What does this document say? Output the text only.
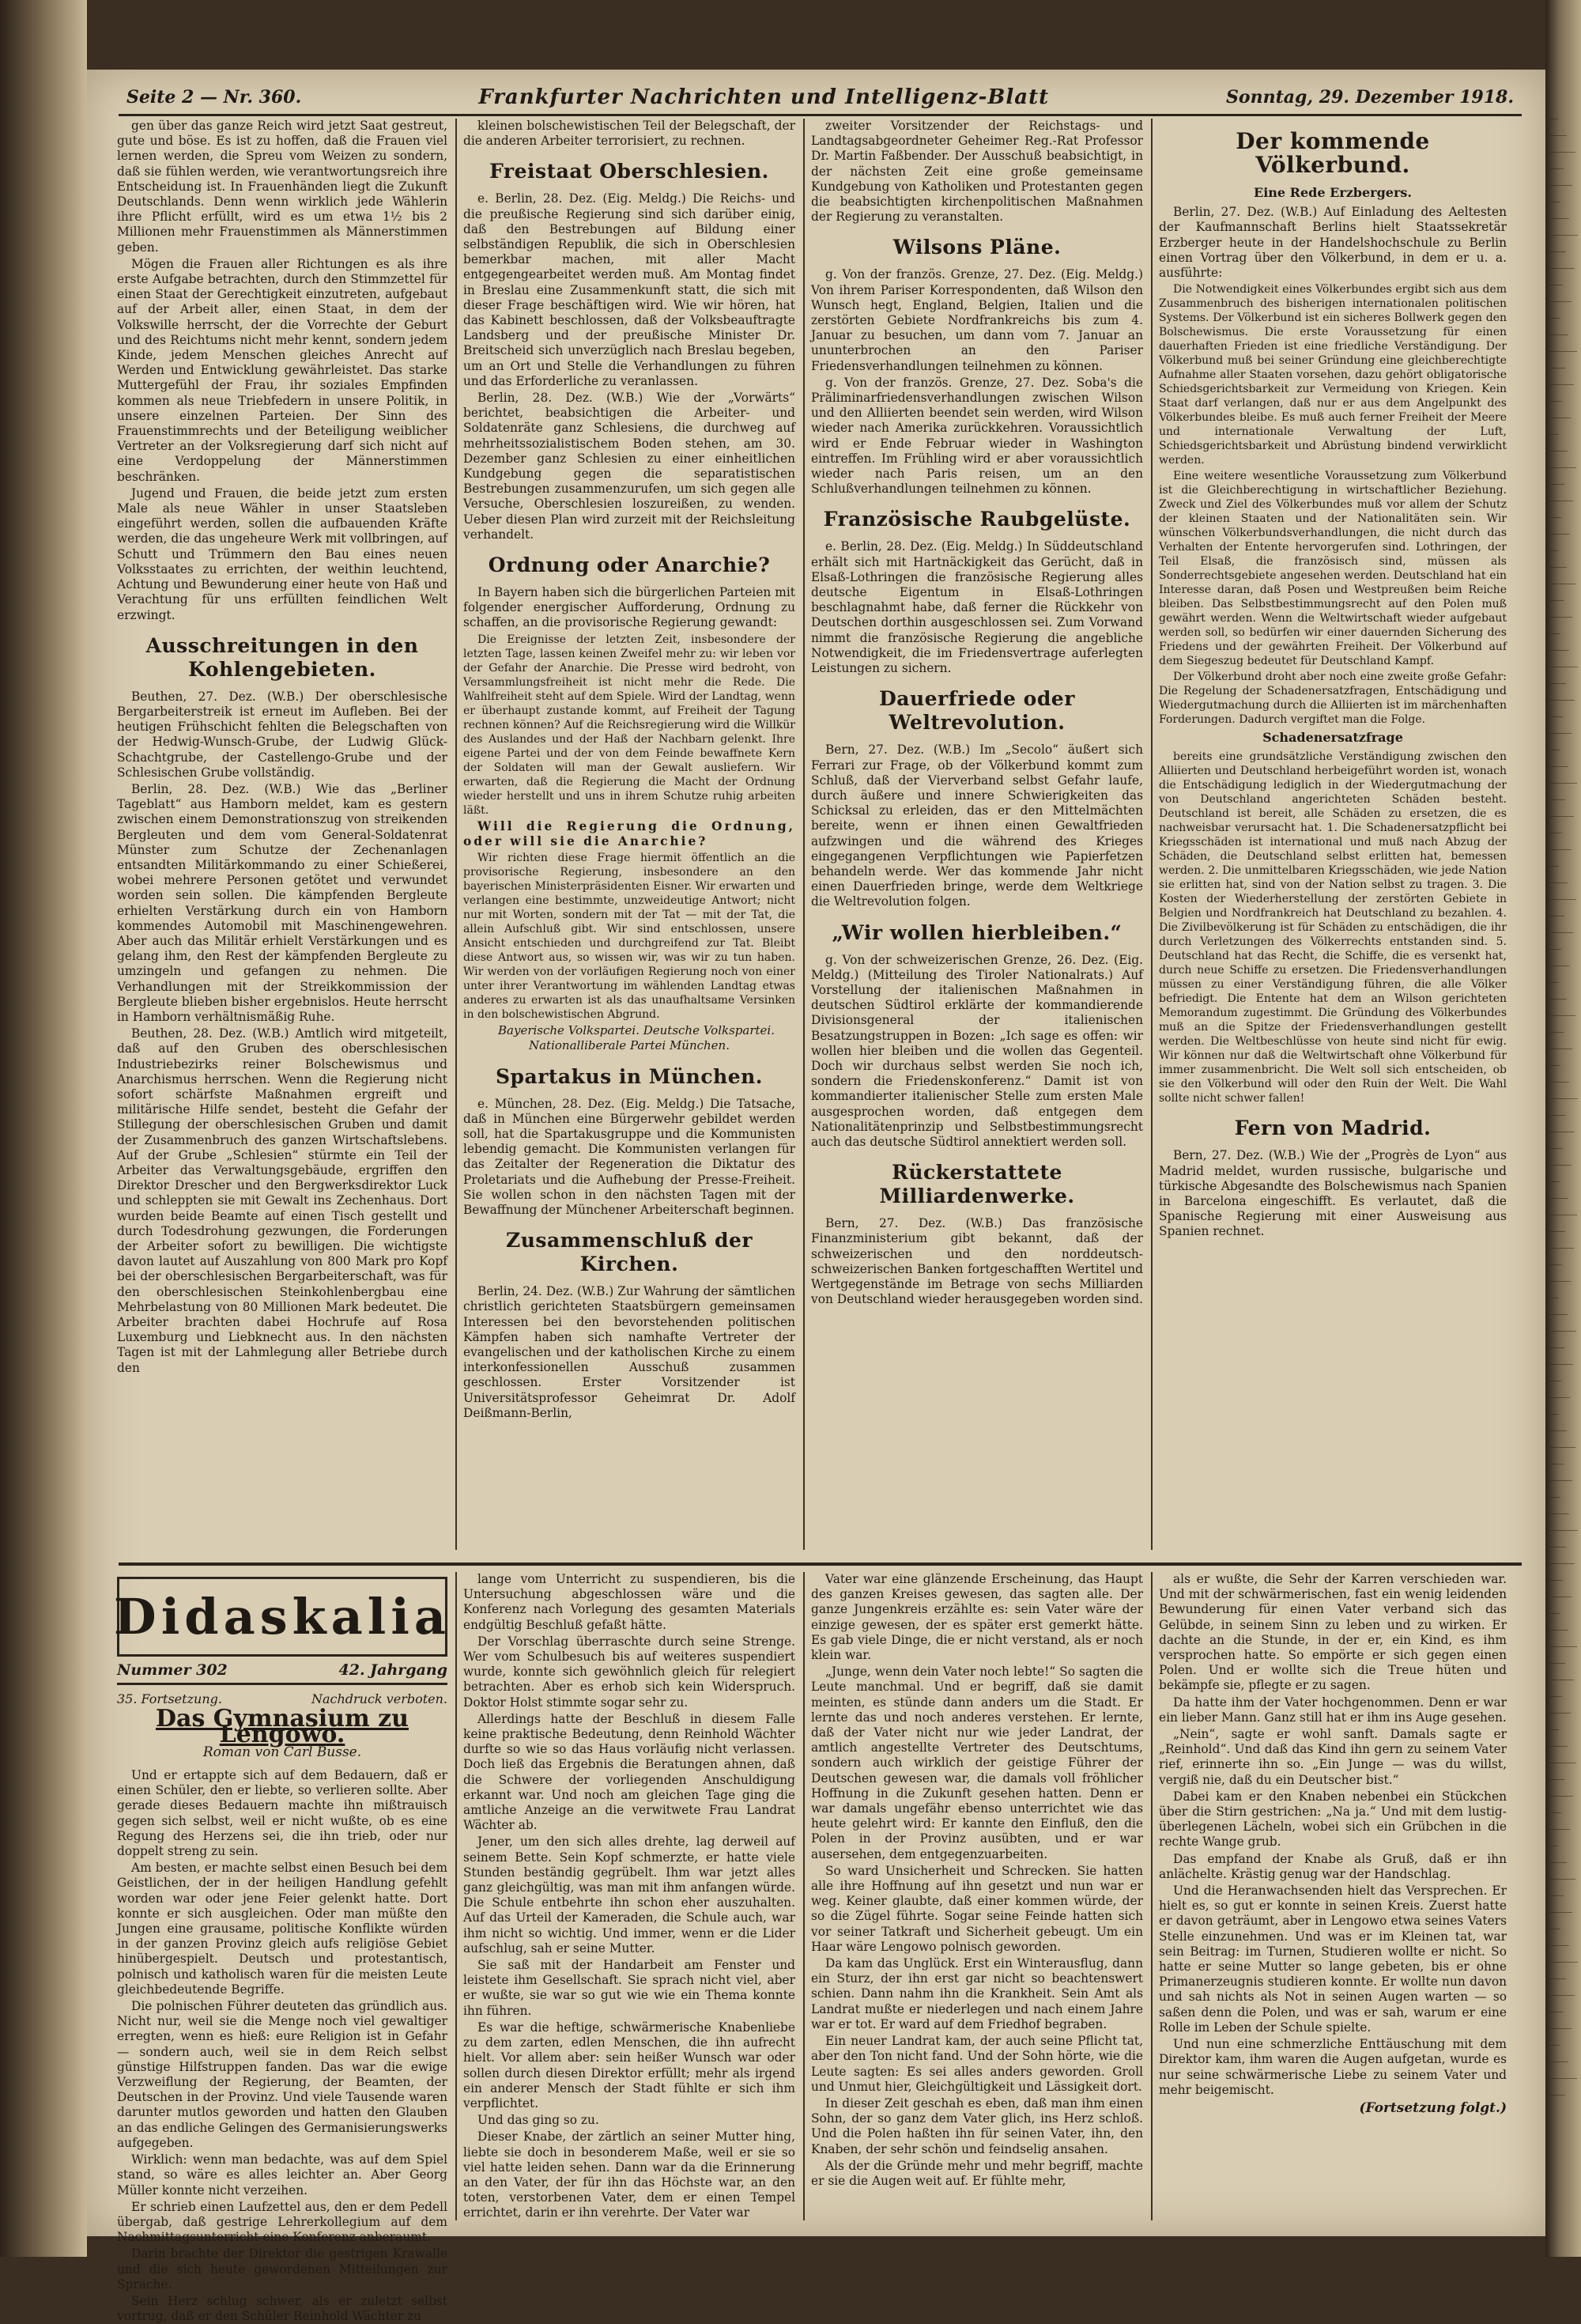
Seite 2 — Nr. 360.	Frankfurter Nachrichten und Intelligenz-Blatt	Sonntag, 29. Dezember 1918.

gen über das ganze Reich wird jetzt Saat gestreut, gute und böse. Es ist zu hoffen, daß die Frauen viel lernen werden, die Spreu vom Weizen zu sondern, daß sie fühlen werden, wie verantwortungsreich ihre Entscheidung ist. In Frauenhänden liegt die Zukunft Deutschlands. Denn wenn wirklich jede Wählerin ihre Pflicht erfüllt, wird es um etwa 1½ bis 2 Millionen mehr Frauenstimmen als Männerstimmen geben.

Mögen die Frauen aller Richtungen es als ihre erste Aufgabe betrachten, durch den Stimmzettel für einen Staat der Gerechtigkeit einzutreten, aufgebaut auf der Arbeit aller, einen Staat, in dem der Volkswille herrscht, der die Vorrechte der Geburt und des Reichtums nicht mehr kennt, sondern jedem Kinde, jedem Menschen gleiches Anrecht auf Werden und Entwicklung gewährleistet. Das starke Muttergefühl der Frau, ihr soziales Empfinden kommen als neue Triebfedern in unsere Politik, in unsere einzelnen Parteien. Der Sinn des Frauenstimmrechts und der Beteiligung weiblicher Vertreter an der Volksregierung darf sich nicht auf eine Verdoppelung der Männerstimmen beschränken.

Jugend und Frauen, die beide jetzt zum ersten Male als neue Wähler in unser Staatsleben eingeführt werden, sollen die aufbauenden Kräfte werden, die das ungeheure Werk mit vollbringen, auf Schutt und Trümmern den Bau eines neuen Volksstaates zu errichten, der weithin leuchtend, Achtung und Bewunderung einer heute von Haß und Verachtung für uns erfüllten feindlichen Welt erzwingt.

Ausschreitungen in den Kohlengebieten.

Beuthen, 27. Dez. (W.B.) Der oberschlesische Bergarbeiterstreik ist erneut im Aufleben. Bei der heutigen Frühschicht fehlten die Belegschaften von der Hedwig-Wunsch-Grube, der Ludwig Glück-Schachtgrube, der Castellengo-Grube und der Schlesischen Grube vollständig.

Berlin, 28. Dez. (W.B.) Wie das „Berliner Tageblatt“ aus Hamborn meldet, kam es gestern zwischen einem Demonstrationszug von streikenden Bergleuten und dem vom General-Soldatenrat Münster zum Schutze der Zechenanlagen entsandten Militärkommando zu einer Schießerei, wobei mehrere Personen getötet und verwundet worden sein sollen. Die kämpfenden Bergleute erhielten Verstärkung durch ein von Hamborn kommendes Automobil mit Maschinengewehren. Aber auch das Militär erhielt Verstärkungen und es gelang ihm, den Rest der kämpfenden Bergleute zu umzingeln und gefangen zu nehmen. Die Verhandlungen mit der Streikkommission der Bergleute blieben bisher ergebnislos. Heute herrscht in Hamborn verhältnismäßig Ruhe.

Beuthen, 28. Dez. (W.B.) Amtlich wird mitgeteilt, daß auf den Gruben des oberschlesischen Industriebezirks reiner Bolschewismus und Anarchismus herrschen. Wenn die Regierung nicht sofort schärfste Maßnahmen ergreift und militärische Hilfe sendet, besteht die Gefahr der Stillegung der oberschlesischen Gruben und damit der Zusammenbruch des ganzen Wirtschaftslebens. Auf der Grube „Schlesien“ stürmte ein Teil der Arbeiter das Verwaltungsgebäude, ergriffen den Direktor Drescher und den Bergwerksdirektor Luck und schleppten sie mit Gewalt ins Zechenhaus. Dort wurden beide Beamte auf einen Tisch gestellt und durch Todesdrohung gezwungen, die Forderungen der Arbeiter sofort zu bewilligen. Die wichtigste davon lautet auf Auszahlung von 800 Mark pro Kopf bei der oberschlesischen Bergarbeiterschaft, was für den oberschlesischen Steinkohlenbergbau eine Mehrbelastung von 80 Millionen Mark bedeutet. Die Arbeiter brachten dabei Hochrufe auf Rosa Luxemburg und Liebknecht aus. In den nächsten Tagen ist mit der Lahmlegung aller Betriebe durch den

kleinen bolschewistischen Teil der Belegschaft, der die anderen Arbeiter terrorisiert, zu rechnen.

Freistaat Oberschlesien.

e. Berlin, 28. Dez. (Eig. Meldg.) Die Reichs- und die preußische Regierung sind sich darüber einig, daß den Bestrebungen auf Bildung einer selbständigen Republik, die sich in Oberschlesien bemerkbar machen, mit aller Macht entgegengearbeitet werden muß. Am Montag findet in Breslau eine Zusammenkunft statt, die sich mit dieser Frage beschäftigen wird. Wie wir hören, hat das Kabinett beschlossen, daß der Volksbeauftragte Landsberg und der preußische Minister Dr. Breitscheid sich unverzüglich nach Breslau begeben, um an Ort und Stelle die Verhandlungen zu führen und das Erforderliche zu veranlassen.

Berlin, 28. Dez. (W.B.) Wie der „Vorwärts“ berichtet, beabsichtigen die Arbeiter- und Soldatenräte ganz Schlesiens, die durchweg auf mehrheitssozialistischem Boden stehen, am 30. Dezember ganz Schlesien zu einer einheitlichen Kundgebung gegen die separatistischen Bestrebungen zusammenzurufen, um sich gegen alle Versuche, Oberschlesien loszureißen, zu wenden. Ueber diesen Plan wird zurzeit mit der Reichsleitung verhandelt.

Ordnung oder Anarchie?

In Bayern haben sich die bürgerlichen Parteien mit folgender energischer Aufforderung, Ordnung zu schaffen, an die provisorische Regierung gewandt:

Die Ereignisse der letzten Zeit, insbesondere der letzten Tage, lassen keinen Zweifel mehr zu: wir leben vor der Gefahr der Anarchie. Die Presse wird bedroht, von Versammlungsfreiheit ist nicht mehr die Rede. Die Wahlfreiheit steht auf dem Spiele. Wird der Landtag, wenn er überhaupt zustande kommt, auf Freiheit der Tagung rechnen können? Auf die Reichsregierung wird die Willkür des Auslandes und der Haß der Nachbarn gelenkt. Ihre eigene Partei und der von dem Feinde bewaffnete Kern der Soldaten will man der Gewalt ausliefern. Wir erwarten, daß die Regierung die Macht der Ordnung wieder herstellt und uns in ihrem Schutze ruhig arbeiten läßt.

Will die Regierung die Ordnung, oder will sie die Anarchie?

Wir richten diese Frage hiermit öffentlich an die provisorische Regierung, insbesondere an den bayerischen Ministerpräsidenten Eisner. Wir erwarten und verlangen eine bestimmte, unzweideutige Antwort; nicht nur mit Worten, sondern mit der Tat — mit der Tat, die allein Aufschluß gibt. Wir sind entschlossen, unsere Ansicht entschieden und durchgreifend zur Tat. Bleibt diese Antwort aus, so wissen wir, was wir zu tun haben. Wir werden von der vorläufigen Regierung noch von einer unter ihrer Verantwortung im wählenden Landtag etwas anderes zu erwarten ist als das unaufhaltsame Versinken in den bolschewistischen Abgrund.

Bayerische Volkspartei. Deutsche Volkspartei. Nationalliberale Partei München.

Spartakus in München.

e. München, 28. Dez. (Eig. Meldg.) Die Tatsache, daß in München eine Bürgerwehr gebildet werden soll, hat die Spartakusgruppe und die Kommunisten lebendig gemacht. Die Kommunisten verlangen für das Zeitalter der Regeneration die Diktatur des Proletariats und die Aufhebung der Presse-Freiheit. Sie wollen schon in den nächsten Tagen mit der Bewaffnung der Münchener Arbeiterschaft beginnen.

Zusammenschluß der Kirchen.

Berlin, 24. Dez. (W.B.) Zur Wahrung der sämtlichen christlich gerichteten Staatsbürgern gemeinsamen Interessen bei den bevorstehenden politischen Kämpfen haben sich namhafte Vertreter der evangelischen und der katholischen Kirche zu einem interkonfessionellen Ausschuß zusammen geschlossen. Erster Vorsitzender ist Universitätsprofessor Geheimrat Dr. Adolf Deißmann-Berlin,

zweiter Vorsitzender der Reichstags- und Landtagsabgeordneter Geheimer Reg.-Rat Professor Dr. Martin Faßbender. Der Ausschuß beabsichtigt, in der nächsten Zeit eine große gemeinsame Kundgebung von Katholiken und Protestanten gegen die beabsichtigten kirchenpolitischen Maßnahmen der Regierung zu veranstalten.

Wilsons Pläne.

g. Von der französ. Grenze, 27. Dez. (Eig. Meldg.) Von ihrem Pariser Korrespondenten, daß Wilson den Wunsch hegt, England, Belgien, Italien und die zerstörten Gebiete Nordfrankreichs bis zum 4. Januar zu besuchen, um dann vom 7. Januar an ununterbrochen an den Pariser Friedensverhandlungen teilnehmen zu können.

g. Von der französ. Grenze, 27. Dez. Soba's die Präliminarfriedensverhandlungen zwischen Wilson und den Alliierten beendet sein werden, wird Wilson wieder nach Amerika zurückkehren. Voraussichtlich wird er Ende Februar wieder in Washington eintreffen. Im Frühling wird er aber voraussichtlich wieder nach Paris reisen, um an den Schlußverhandlungen teilnehmen zu können.

Französische Raubgelüste.

e. Berlin, 28. Dez. (Eig. Meldg.) In Süddeutschland erhält sich mit Hartnäckigkeit das Gerücht, daß in Elsaß-Lothringen die französische Regierung alles deutsche Eigentum in Elsaß-Lothringen beschlagnahmt habe, daß ferner die Rückkehr von Deutschen dorthin ausgeschlossen sei. Zum Vorwand nimmt die französische Regierung die angebliche Notwendigkeit, die im Friedensvertrage auferlegten Leistungen zu sichern.

Dauerfriede oder Weltrevolution.

Bern, 27. Dez. (W.B.) Im „Secolo“ äußert sich Ferrari zur Frage, ob der Völkerbund kommt zum Schluß, daß der Vierverband selbst Gefahr laufe, durch äußere und innere Schwierigkeiten das Schicksal zu erleiden, das er den Mittelmächten bereite, wenn er ihnen einen Gewaltfrieden aufzwingen und die während des Krieges eingegangenen Verpflichtungen wie Papierfetzen behandeln werde. Wer das kommende Jahr nicht einen Dauerfrieden bringe, werde dem Weltkriege die Weltrevolution folgen.

„Wir wollen hierbleiben.“

g. Von der schweizerischen Grenze, 26. Dez. (Eig. Meldg.) (Mitteilung des Tiroler Nationalrats.) Auf Vorstellung der italienischen Maßnahmen in deutschen Südtirol erklärte der kommandierende Divisionsgeneral der italienischen Besatzungstruppen in Bozen: „Ich sage es offen: wir wollen hier bleiben und die wollen das Gegenteil. Doch wir durchaus selbst werden Sie noch ich, sondern die Friedenskonferenz.“ Damit ist von kommandierter italienischer Stelle zum ersten Male ausgesprochen worden, daß entgegen dem Nationalitätenprinzip und Selbstbestimmungsrecht auch das deutsche Südtirol annektiert werden soll.

Rückerstattete Milliardenwerke.

Bern, 27. Dez. (W.B.) Das französische Finanzministerium gibt bekannt, daß der schweizerischen und den norddeutsch-schweizerischen Banken fortgeschafften Wertitel und Wertgegenstände im Betrage von sechs Milliarden von Deutschland wieder herausgegeben worden sind.

Der kommende Völkerbund.
Eine Rede Erzbergers.

Berlin, 27. Dez. (W.B.) Auf Einladung des Aeltesten der Kaufmannschaft Berlins hielt Staatssekretär Erzberger heute in der Handelshochschule zu Berlin einen Vortrag über den Völkerbund, in dem er u. a. ausführte:

Die Notwendigkeit eines Völkerbundes ergibt sich aus dem Zusammenbruch des bisherigen internationalen politischen Systems. Der Völkerbund ist ein sicheres Bollwerk gegen den Bolschewismus. Die erste Voraussetzung für einen dauerhaften Frieden ist eine friedliche Verständigung. Der Völkerbund muß bei seiner Gründung eine gleichberechtigte Aufnahme aller Staaten vorsehen, dazu gehört obligatorische Schiedsgerichtsbarkeit zur Vermeidung von Kriegen. Kein Staat darf verlangen, daß nur er aus dem Angelpunkt des Völkerbundes bleibe. Es muß auch ferner Freiheit der Meere und internationale Verwaltung der Luft, Schiedsgerichtsbarkeit und Abrüstung bindend verwirklicht werden.

Eine weitere wesentliche Voraussetzung zum Völkerbund ist die Gleichberechtigung in wirtschaftlicher Beziehung. Zweck und Ziel des Völkerbundes muß vor allem der Schutz der kleinen Staaten und der Nationalitäten sein. Wir wünschen Völkerbundsverhandlungen, die nicht durch das Verhalten der Entente hervorgerufen sind. Lothringen, der Teil Elsaß, die französisch sind, müssen als Sonderrechtsgebiete angesehen werden. Deutschland hat ein Interesse daran, daß Posen und Westpreußen beim Reiche bleiben. Das Selbstbestimmungsrecht auf den Polen muß gewährt werden. Wenn die Weltwirtschaft wieder aufgebaut werden soll, so bedürfen wir einer dauernden Sicherung des Friedens und der gewährten Freiheit. Der Völkerbund auf dem Siegeszug bedeutet für Deutschland Kampf.

Der Völkerbund droht aber noch eine zweite große Gefahr: Die Regelung der Schadenersatzfragen, Entschädigung und Wiedergutmachung durch die Alliierten ist im märchenhaften Forderungen. Dadurch vergiftet man die Folge.

Schadenersatzfrage

bereits eine grundsätzliche Verständigung zwischen den Alliierten und Deutschland herbeigeführt worden ist, wonach die Entschädigung lediglich in der Wiedergutmachung der von Deutschland angerichteten Schäden besteht. Deutschland ist bereit, alle Schäden zu ersetzen, die es nachweisbar verursacht hat. 1. Die Schadenersatzpflicht bei Kriegsschäden ist international und muß nach Abzug der Schäden, die Deutschland selbst erlitten hat, bemessen werden. 2. Die unmittelbaren Kriegsschäden, wie jede Nation sie erlitten hat, sind von der Nation selbst zu tragen. 3. Die Kosten der Wiederherstellung der zerstörten Gebiete in Belgien und Nordfrankreich hat Deutschland zu bezahlen. 4. Die Zivilbevölkerung ist für Schäden zu entschädigen, die ihr durch Verletzungen des Völkerrechts entstanden sind. 5. Deutschland hat das Recht, die Schiffe, die es versenkt hat, durch neue Schiffe zu ersetzen. Die Friedensverhandlungen müssen zu einer Verständigung führen, die alle Völker befriedigt. Die Entente hat dem an Wilson gerichteten Memorandum zugestimmt. Die Gründung des Völkerbundes muß an die Spitze der Friedensverhandlungen gestellt werden. Die Weltbeschlüsse von heute sind nicht für ewig. Wir können nur daß die Weltwirtschaft ohne Völkerbund für immer zusammenbricht. Die Welt soll sich entscheiden, ob sie den Völkerbund will oder den Ruin der Welt. Die Wahl sollte nicht schwer fallen!

Fern von Madrid.

Bern, 27. Dez. (W.B.) Wie der „Progrès de Lyon“ aus Madrid meldet, wurden russische, bulgarische und türkische Abgesandte des Bolschewismus nach Spanien in Barcelona eingeschifft. Es verlautet, daß die Spanische Regierung mit einer Ausweisung aus Spanien rechnet.

Didaskalia
Nummer 302	42. Jahrgang
35. Fortsetzung.	Nachdruck verboten.
Das Gymnasium zu Lengowo.
Roman von Carl Busse.

Und er ertappte sich auf dem Bedauern, daß er einen Schüler, den er liebte, so verlieren sollte. Aber gerade dieses Bedauern machte ihn mißtrauisch gegen sich selbst, weil er nicht wußte, ob es eine Regung des Herzens sei, die ihn trieb, oder nur doppelt streng zu sein.

Am besten, er machte selbst einen Besuch bei dem Geistlichen, der in der heiligen Handlung gefehlt worden war oder jene Feier gelenkt hatte. Dort konnte er sich ausgleichen. Oder man müßte den Jungen eine grausame, politische Konflikte würden in der ganzen Provinz gleich aufs religiöse Gebiet hinübergespielt. Deutsch und protestantisch, polnisch und katholisch waren für die meisten Leute gleichbedeutende Begriffe.

Die polnischen Führer deuteten das gründlich aus. Nicht nur, weil sie die Menge noch viel gewaltiger erregten, wenn es hieß: eure Religion ist in Gefahr — sondern auch, weil sie in dem Reich selbst günstige Hilfstruppen fanden. Das war die ewige Verzweiflung der Regierung, der Beamten, der Deutschen in der Provinz. Und viele Tausende waren darunter mutlos geworden und hatten den Glauben an das endliche Gelingen des Germanisierungswerks aufgegeben.

Wirklich: wenn man bedachte, was auf dem Spiel stand, so wäre es alles leichter an. Aber Georg Müller konnte nicht verzeihen.

Er schrieb einen Laufzettel aus, den er dem Pedell übergab, daß gestrige Lehrerkollegium auf dem Nachmittagsunterricht eine Konferenz anberaumt.

Darin brachte der Direktor die gestrigen Krawalle und die sich heute gewordenen Mitteilungen zur Sprache.

Sein Herz schlug schwer, als er zuletzt selbst vortrug, daß er den Schüler Reinhold Wächter zu

lange vom Unterricht zu suspendieren, bis die Untersuchung abgeschlossen wäre und die Konferenz nach Vorlegung des gesamten Materials endgültig Beschluß gefaßt hätte.

Der Vorschlag überraschte durch seine Strenge. Wer vom Schulbesuch bis auf weiteres suspendiert wurde, konnte sich gewöhnlich gleich für relegiert betrachten. Aber es erhob sich kein Widerspruch. Doktor Holst stimmte sogar sehr zu.

Allerdings hatte der Beschluß in diesem Falle keine praktische Bedeutung, denn Reinhold Wächter durfte so wie so das Haus vorläufig nicht verlassen. Doch ließ das Ergebnis die Beratungen ahnen, daß die Schwere der vorliegenden Anschuldigung erkannt war. Und noch am gleichen Tage ging die amtliche Anzeige an die verwitwete Frau Landrat Wächter ab.

Jener, um den sich alles drehte, lag derweil auf seinem Bette. Sein Kopf schmerzte, er hatte viele Stunden beständig gegrübelt. Ihm war jetzt alles ganz gleichgültig, was man mit ihm anfangen würde. Die Schule entbehrte ihn schon eher auszuhalten. Auf das Urteil der Kameraden, die Schule auch, war ihm nicht so wichtig. Und immer, wenn er die Lider aufschlug, sah er seine Mutter.

Sie saß mit der Handarbeit am Fenster und leistete ihm Gesellschaft. Sie sprach nicht viel, aber er wußte, sie war so gut wie wie ein Thema konnte ihn führen.

Es war die heftige, schwärmerische Knabenliebe zu dem zarten, edlen Menschen, die ihn aufrecht hielt. Vor allem aber: sein heißer Wunsch war oder sollen durch diesen Direktor erfüllt; mehr als irgend ein anderer Mensch der Stadt fühlte er sich ihm verpflichtet.

Und das ging so zu.

Dieser Knabe, der zärtlich an seiner Mutter hing, liebte sie doch in besonderem Maße, weil er sie so viel hatte leiden sehen. Dann war da die Erinnerung an den Vater, der für ihn das Höchste war, an den toten, verstorbenen Vater, dem er einen Tempel errichtet, darin er ihn verehrte. Der Vater war

Vater war eine glänzende Erscheinung, das Haupt des ganzen Kreises gewesen, das sagten alle. Der ganze Jungenkreis erzählte es: sein Vater wäre der einzige gewesen, der es später erst gemerkt hätte. Es gab viele Dinge, die er nicht verstand, als er noch klein war.

„Junge, wenn dein Vater noch lebte!“ So sagten die Leute manchmal. Und er begriff, daß sie damit meinten, es stünde dann anders um die Stadt. Er lernte das und noch anderes verstehen. Er lernte, daß der Vater nicht nur wie jeder Landrat, der amtlich angestellte Vertreter des Deutschtums, sondern auch wirklich der geistige Führer der Deutschen gewesen war, die damals voll fröhlicher Hoffnung in die Zukunft gesehen hatten. Denn er war damals ungefähr ebenso unterrichtet wie das heute gelehrt wird: Er kannte den Einfluß, den die Polen in der Provinz ausübten, und er war ausersehen, dem entgegenzuarbeiten.

So ward Unsicherheit und Schrecken. Sie hatten alle ihre Hoffnung auf ihn gesetzt und nun war er weg. Keiner glaubte, daß einer kommen würde, der so die Zügel führte. Sogar seine Feinde hatten sich vor seiner Tatkraft und Sicherheit gebeugt. Um ein Haar wäre Lengowo polnisch geworden.

Da kam das Unglück. Erst ein Winterausflug, dann ein Sturz, der ihn erst gar nicht so beachtenswert schien. Dann nahm ihn die Krankheit. Sein Amt als Landrat mußte er niederlegen und nach einem Jahre war er tot. Er ward auf dem Friedhof begraben.

Ein neuer Landrat kam, der auch seine Pflicht tat, aber den Ton nicht fand. Und der Sohn hörte, wie die Leute sagten: Es sei alles anders geworden. Groll und Unmut hier, Gleichgültigkeit und Lässigkeit dort.

In dieser Zeit geschah es eben, daß man ihm einen Sohn, der so ganz dem Vater glich, ins Herz schloß. Und die Polen haßten ihn für seinen Vater, ihn, den Knaben, der sehr schön und feindselig ansahen.

Als der die Gründe mehr und mehr begriff, machte er sie die Augen weit auf. Er fühlte mehr,

als er wußte, die Sehr der Karren verschieden war. Und mit der schwärmerischen, fast ein wenig leidenden Bewunderung für einen Vater verband sich das Gelübde, in seinem Sinn zu leben und zu wirken. Er dachte an die Stunde, in der er, ein Kind, es ihm versprochen hatte. So empörte er sich gegen einen Polen. Und er wollte sich die Treue hüten und bekämpfe sie, pflegte er zu sagen.

Da hatte ihm der Vater hochgenommen. Denn er war ein lieber Mann. Ganz still hat er ihm ins Auge gesehen.

„Nein“, sagte er wohl sanft. Damals sagte er „Reinhold“. Und daß das Kind ihn gern zu seinem Vater rief, erinnerte ihn so. „Ein Junge — was du willst, vergiß nie, daß du ein Deutscher bist.“

Dabei kam er den Knaben nebenbei ein Stückchen über die Stirn gestrichen: „Na ja.“ Und mit dem lustig-überlegenen Lächeln, wobei sich ein Grübchen in die rechte Wange grub.

Das empfand der Knabe als Gruß, daß er ihn anlächelte. Krästig genug war der Handschlag.

Und die Heranwachsenden hielt das Versprechen. Er hielt es, so gut er konnte in seinen Kreis. Zuerst hatte er davon geträumt, aber in Lengowo etwa seines Vaters Stelle einzunehmen. Und was er im Kleinen tat, war sein Beitrag: im Turnen, Studieren wollte er nicht. So hatte er seine Mutter so lange gebeten, bis er ohne Primanerzeugnis studieren konnte. Er wollte nun davon und sah nichts als Not in seinen Augen warten — so saßen denn die Polen, und was er sah, warum er eine Rolle im Leben der Schule spielte.

Und nun eine schmerzliche Enttäuschung mit dem Direktor kam, ihm waren die Augen aufgetan, wurde es nur seine schwärmerische Liebe zu seinem Vater und mehr beigemischt.

(Fortsetzung folgt.)
